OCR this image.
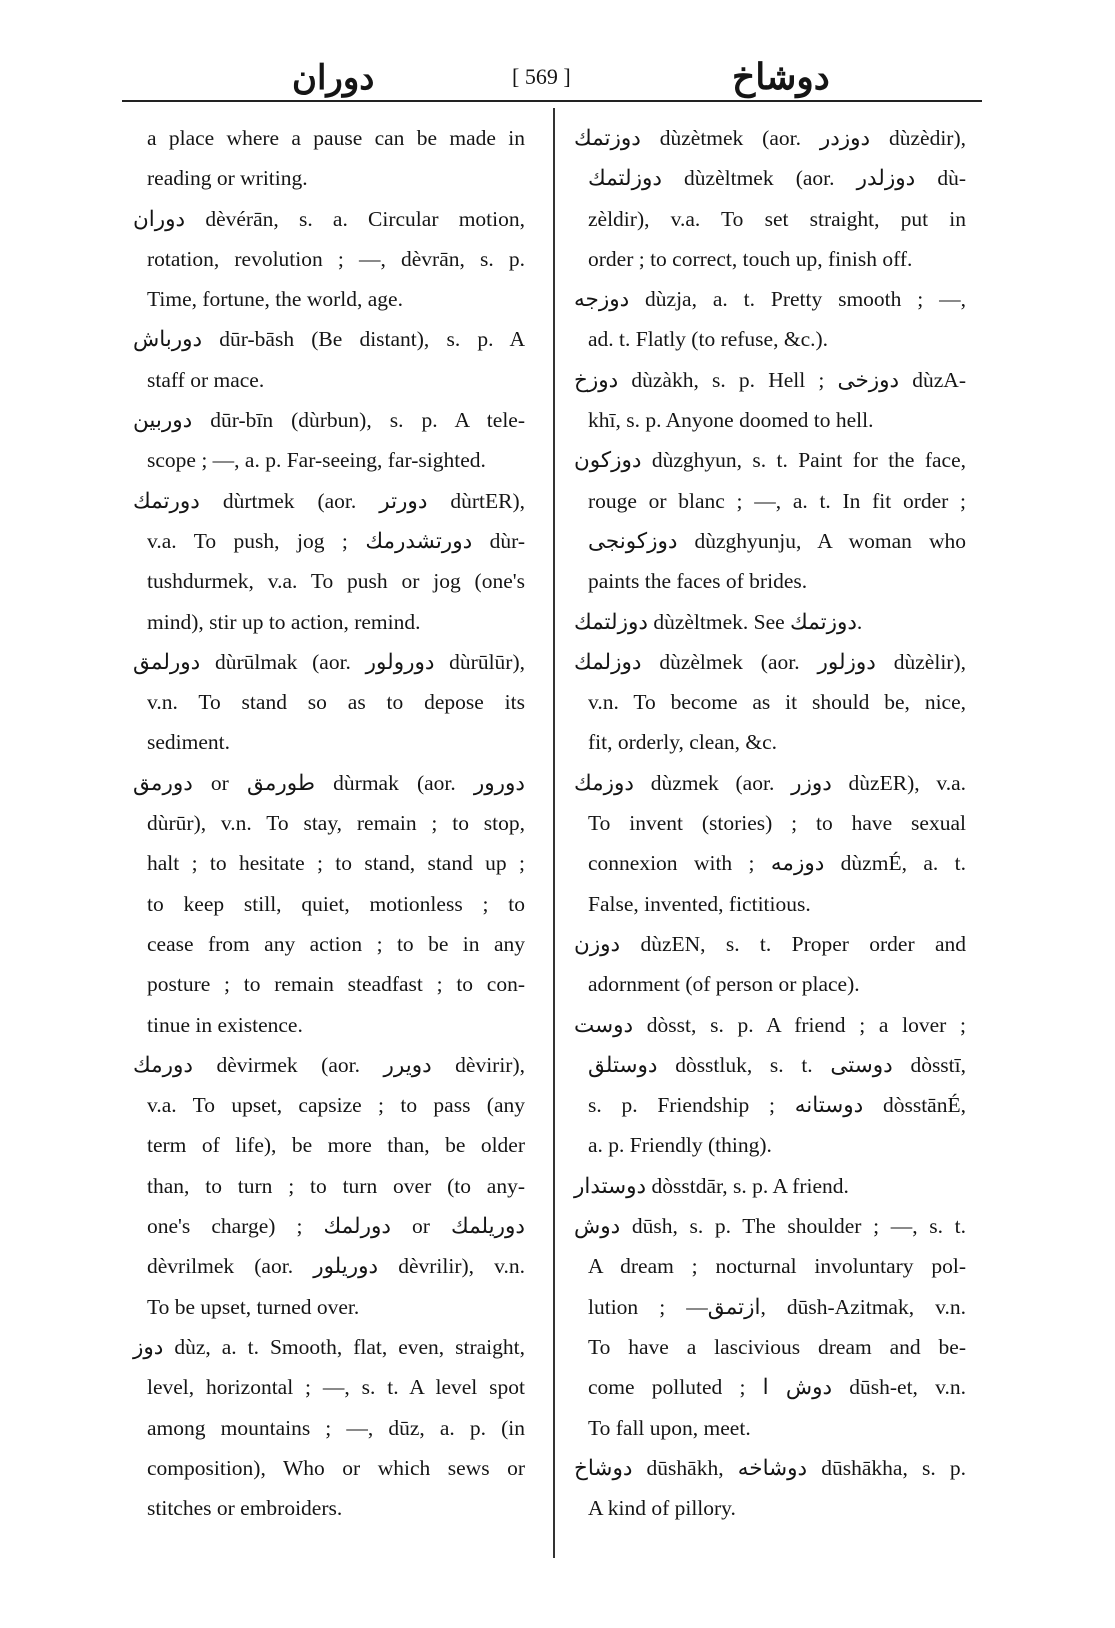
دوران	[ 569 ]	دوشاخ
a place where a pause can be made in
reading or writing.
دوران dèvérān, s. a. Circular motion,
rotation, revolution ; —, dèvrān, s. p.
Time, fortune, the world, age.
دورباش dūr-bāsh (Be distant), s. p. A
staff or mace.
دوربين dūr-bīn (dùrbun), s. p. A tele-
scope ; —, a. p. Far-seeing, far-sighted.
دورتمك dùrtmek (aor. دورتر dùrtER),
v.a. To push, jog ; دورتشدرمك dùr-
tushdurmek, v.a. To push or jog (one's
mind), stir up to action, remind.
دورلمق dùrūlmak (aor. دورولور dùrūlūr),
v.n. To stand so as to depose its
sediment.
دورمق or طورمق dùrmak (aor. دورور
dùrūr), v.n. To stay, remain ; to stop,
halt ; to hesitate ; to stand, stand up ;
to keep still, quiet, motionless ; to
cease from any action ; to be in any
posture ; to remain steadfast ; to con-
tinue in existence.
دورمك dèvirmek (aor. دويرر dèvirir),
v.a. To upset, capsize ; to pass (any
term of life), be more than, be older
than, to turn ; to turn over (to any-
one's charge) ; دورلمك or دوريلمك
dèvrilmek (aor. دوريلور dèvrilir), v.n.
To be upset, turned over.
دوز dùz, a. t. Smooth, flat, even, straight,
level, horizontal ; —, s. t. A level spot
among mountains ; —, dūz, a. p. (in
composition), Who or which sews or
stitches or embroiders.
دوزتمك dùzètmek (aor. دوزدر dùzèdir),
دوزلتمك dùzèltmek (aor. دوزلدر dù-
zèldir), v.a. To set straight, put in
order ; to correct, touch up, finish off.
دوزجه dùzja, a. t. Pretty smooth ; —,
ad. t. Flatly (to refuse, &c.).
دوزخ dùzàkh, s. p. Hell ; دوزخى dùzA-
khī, s. p. Anyone doomed to hell.
دوزكون dùzghyun, s. t. Paint for the face,
rouge or blanc ; —, a. t. In fit order ;
دوزكونجى dùzghyunju, A woman who
paints the faces of brides.
دوزلتمك dùzèltmek. See دوزتمك.
دوزلمك dùzèlmek (aor. دوزلور dùzèlir),
v.n. To become as it should be, nice,
fit, orderly, clean, &c.
دوزمك dùzmek (aor. دوزر dùzER), v.a.
To invent (stories) ; to have sexual
connexion with ; دوزمه dùzmÉ, a. t.
False, invented, fictitious.
دوزن dùzEN, s. t. Proper order and
adornment (of person or place).
دوست dòsst, s. p. A friend ; a lover ;
دوستلق dòsstluk, s. t. دوستى dòsstī,
s. p. Friendship ; دوستانه dòsstānÉ,
a. p. Friendly (thing).
دوستدار dòsstdār, s. p. A friend.
دوش dūsh, s. p. The shoulder ; —, s. t.
A dream ; nocturnal involuntary pol-
lution ; —ازتمق, dūsh-Azitmak, v.n.
To have a lascivious dream and be-
come polluted ; دوش ا dūsh-et, v.n.
To fall upon, meet.
دوشاخ dūshākh, دوشاخه dūshākha, s. p.
A kind of pillory.
